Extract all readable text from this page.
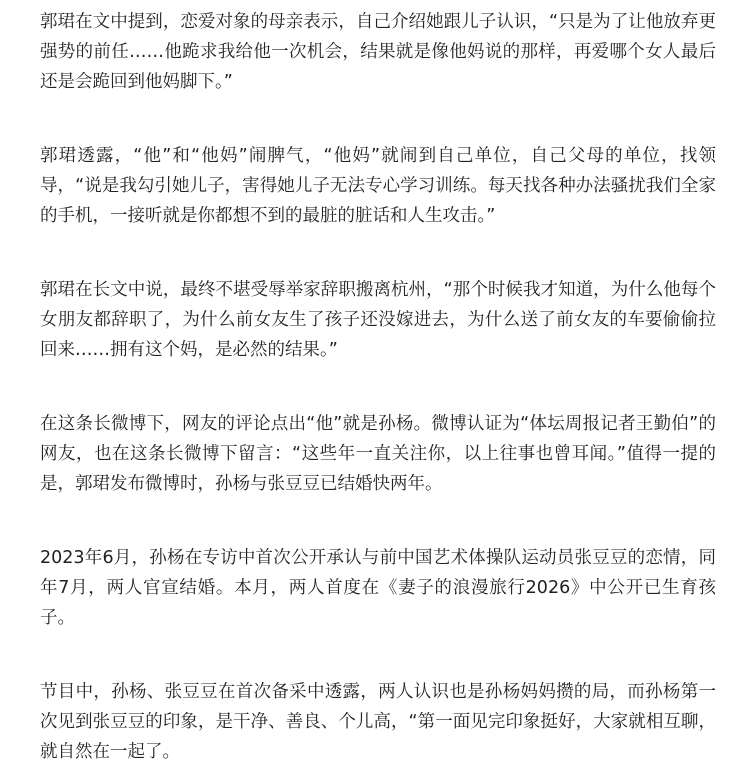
郭珺在文中提到，恋爱对象的母亲表示，自己介绍她跟儿子认识，“只是为了让他放弃更强势的前任……他跪求我给他一次机会，结果就是像他妈说的那样，再爱哪个女人最后还是会跪回到他妈脚下。”

郭珺透露，“他”和“他妈”闹脾气，“他妈”就闹到自己单位，自己父母的单位，找领导，“说是我勾引她儿子，害得她儿子无法专心学习训练。每天找各种办法骚扰我们全家的手机，一接听就是你都想不到的最脏的脏话和人生攻击。”

郭珺在长文中说，最终不堪受辱举家辞职搬离杭州，“那个时候我才知道，为什么他每个女朋友都辞职了，为什么前女友生了孩子还没嫁进去，为什么送了前女友的车要偷偷拉回来……拥有这个妈，是必然的结果。”

在这条长微博下，网友的评论点出“他”就是孙杨。微博认证为“体坛周报记者王勤伯”的网友，也在这条长微博下留言：“这些年一直关注你，以上往事也曾耳闻。”值得一提的是，郭珺发布微博时，孙杨与张豆豆已结婚快两年。

2023年6月，孙杨在专访中首次公开承认与前中国艺术体操队运动员张豆豆的恋情，同年7月，两人官宣结婚。本月，两人首度在《妻子的浪漫旅行2026》中公开已生育孩子。

节目中，孙杨、张豆豆在首次备采中透露，两人认识也是孙杨妈妈攒的局，而孙杨第一次见到张豆豆的印象，是干净、善良、个儿高，“第一面见完印象挺好，大家就相互聊，就自然在一起了。
